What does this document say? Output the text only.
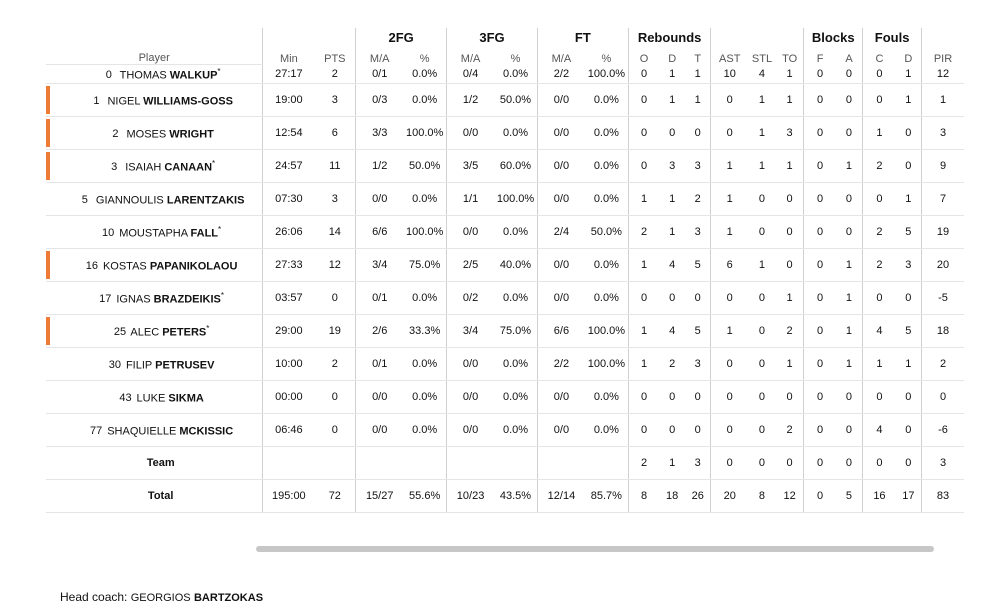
			2FG		3FG		FT		Rebounds						Blocks		Fouls		
Player	Min	PTS	M/A	%	M/A	%	M/A	%	O	D	T	AST	STL	TO	F	A	C	D	PIR
0 THOMAS WALKUP*	27:17	2	0/1	0.0%	0/4	0.0%	2/2	100.0%	0	1	1	10	4	1	0	0	0	1	12

1 NIGEL WILLIAMS-GOSS	19:00	3	0/3	0.0%	1/2	50.0%	0/0	0.0%	0	1	1	0	1	1	0	0	0	1	1

2 MOSES WRIGHT	12:54	6	3/3	100.0%	0/0	0.0%	0/0	0.0%	0	0	0	0	1	3	0	0	1	0	3

3 ISAIAH CANAAN*	24:57	11	1/2	50.0%	3/5	60.0%	0/0	0.0%	0	3	3	1	1	1	0	1	2	0	9
5 GIANNOULIS LARENTZAKIS	07:30	3	0/0	0.0%	1/1	100.0%	0/0	0.0%	1	1	2	1	0	0	0	0	0	1	7
10 MOUSTAPHA FALL*	26:06	14	6/6	100.0%	0/0	0.0%	2/4	50.0%	2	1	3	1	0	0	0	0	2	5	19

16 KOSTAS PAPANIKOLAOU	27:33	12	3/4	75.0%	2/5	40.0%	0/0	0.0%	1	4	5	6	1	0	0	1	2	3	20
17 IGNAS BRAZDEIKIS*	03:57	0	0/1	0.0%	0/2	0.0%	0/0	0.0%	0	0	0	0	0	1	0	1	0	0	-5

25 ALEC PETERS*	29:00	19	2/6	33.3%	3/4	75.0%	6/6	100.0%	1	4	5	1	0	2	0	1	4	5	18
30 FILIP PETRUSEV	10:00	2	0/1	0.0%	0/0	0.0%	2/2	100.0%	1	2	3	0	0	1	0	1	1	1	2
43 LUKE SIKMA	00:00	0	0/0	0.0%	0/0	0.0%	0/0	0.0%	0	0	0	0	0	0	0	0	0	0	0
77 SHAQUIELLE MCKISSIC	06:46	0	0/0	0.0%	0/0	0.0%	0/0	0.0%	0	0	0	0	0	2	0	0	4	0	-6
Team									2	1	3	0	0	0	0	0	0	0	3
Total	195:00	72	15/27	55.6%	10/23	43.5%	12/14	85.7%	8	18	26	20	8	12	0	5	16	17	83
Head coach: GEORGIOS BARTZOKAS
